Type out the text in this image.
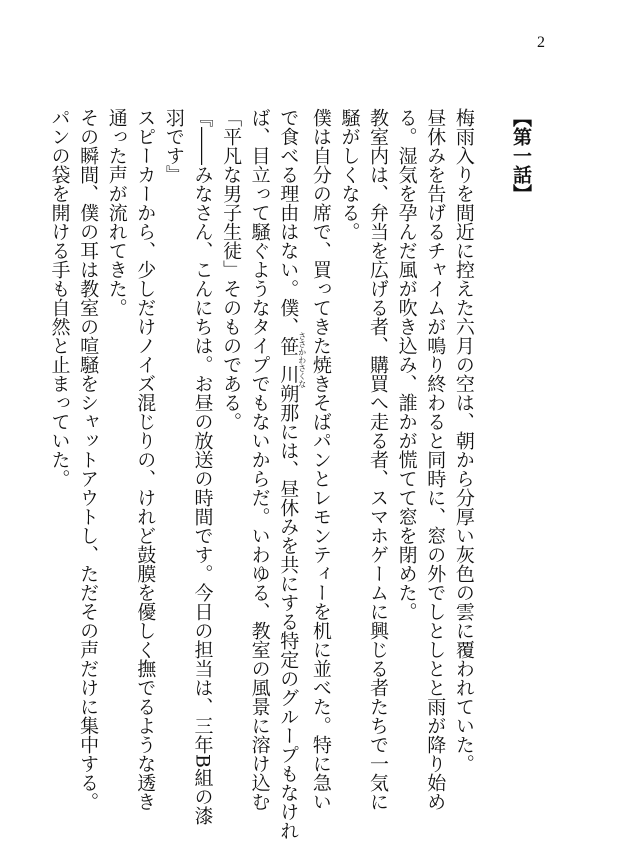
2
【第一話】

梅雨入りを間近に控えた六月の空は、朝から分厚い灰色の雲に覆われていた。
昼休みを告げるチャイムが鳴り終わると同時に、窓の外でしとしとと雨が降り始め
る。湿気を孕んだ風が吹き込み、誰かが慌てて窓を閉めた。
教室内は、弁当を広げる者、購買へ走る者、スマホゲームに興じる者たちで一気に
騒がしくなる。
僕は自分の席で、買ってきた焼きそばパンとレモンティーを机に並べた。特に急い
で食べる理由はない。僕、笹川ささかわさくな朔那には、昼休みを共にする特定のグループもなけれ
ば、目立って騒ぐようなタイプでもないからだ。いわゆる、教室の風景に溶け込む
「平凡な男子生徒」そのものである。
『――みなさん、こんにちは。お昼の放送の時間です。今日の担当は、三年B組の漆
羽です』
スピーカーから、少しだけノイズ混じりの、けれど鼓膜を優しく撫でるような透き
通った声が流れてきた。
その瞬間、僕の耳は教室の喧騒をシャットアウトし、ただその声だけに集中する。
パンの袋を開ける手も自然と止まっていた。
